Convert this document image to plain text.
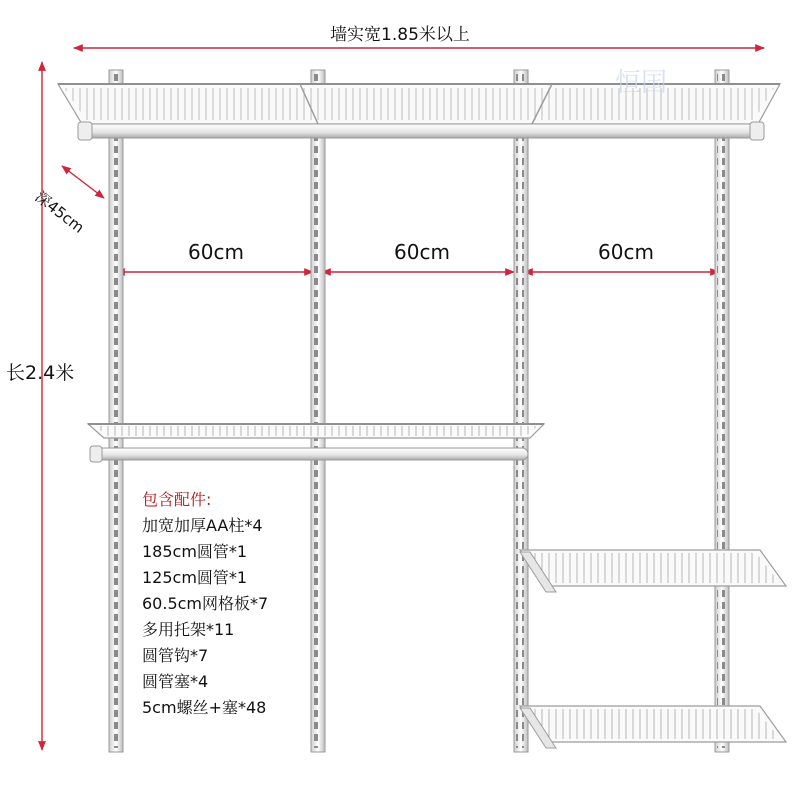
墙实宽1.85米以上
长2.4米
深45cm
60cm	60cm	60cm
包含配件:
加宽加厚AA柱*4
185cm圆管*1
125cm圆管*1
60.5cm网格板*7
多用托架*11
圆管钩*7
圆管塞*4
5cm螺丝+塞*48
恒国
